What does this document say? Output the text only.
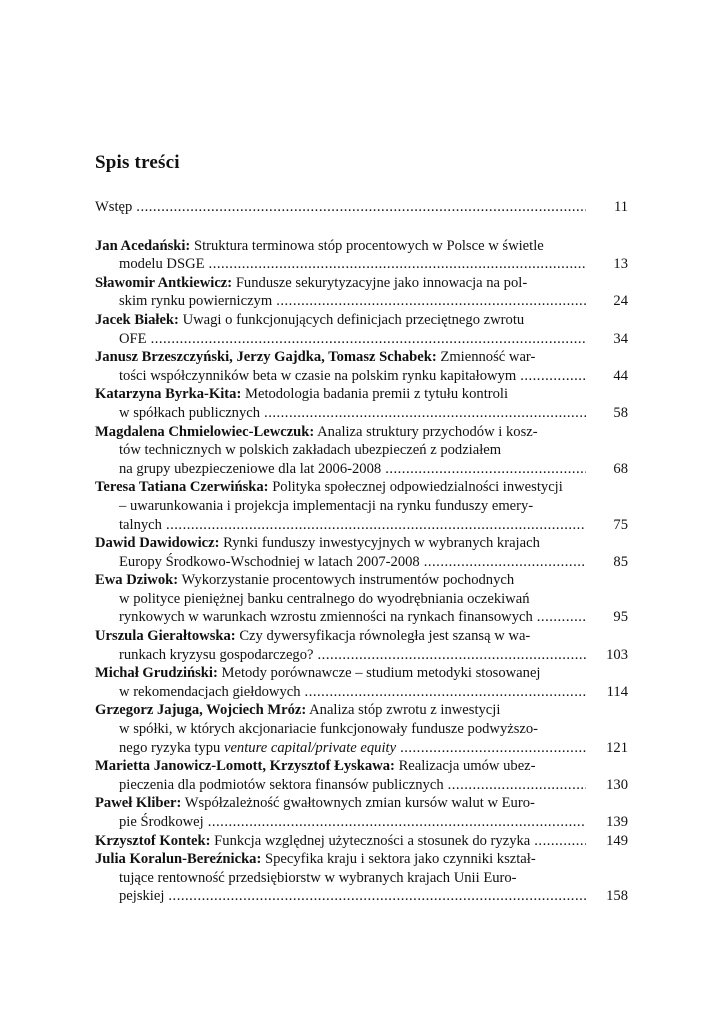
Spis treści
Wstęp .....	11
Jan Acedański: Struktura terminowa stóp procentowych w Polsce w świetle
modelu DSGE .....	13
Sławomir Antkiewicz: Fundusze sekurytyzacyjne jako innowacja na pol-
skim rynku powierniczym .....	24
Jacek Białek: Uwagi o funkcjonujących definicjach przeciętnego zwrotu
OFE .....	34
Janusz Brzeszczyński, Jerzy Gajdka, Tomasz Schabek: Zmienność war-
tości współczynników beta w czasie na polskim rynku kapitałowym .....	44
Katarzyna Byrka-Kita: Metodologia badania premii z tytułu kontroli
w spółkach publicznych .....	58
Magdalena Chmielowiec-Lewczuk: Analiza struktury przychodów i kosz-
tów technicznych w polskich zakładach ubezpieczeń z podziałem
na grupy ubezpieczeniowe dla lat 2006-2008 .....	68
Teresa Tatiana Czerwińska: Polityka społecznej odpowiedzialności inwestycji
– uwarunkowania i projekcja implementacji na rynku funduszy emery-
talnych .....	75
Dawid Dawidowicz: Rynki funduszy inwestycyjnych w wybranych krajach
Europy Środkowo-Wschodniej w latach 2007-2008 .....	85
Ewa Dziwok: Wykorzystanie procentowych instrumentów pochodnych
w polityce pieniężnej banku centralnego do wyodrębniania oczekiwań
rynkowych w warunkach wzrostu zmienności na rynkach finansowych .....	95
Urszula Gierałtowska: Czy dywersyfikacja równoległa jest szansą w wa-
runkach kryzysu gospodarczego? .....	103
Michał Grudziński: Metody porównawcze – studium metodyki stosowanej
w rekomendacjach giełdowych .....	114
Grzegorz Jajuga, Wojciech Mróz: Analiza stóp zwrotu z inwestycji
w spółki, w których akcjonariacie funkcjonowały fundusze podwyższo-
nego ryzyka typu venture capital/private equity .....	121
Marietta Janowicz-Lomott, Krzysztof Łyskawa: Realizacja umów ubez-
pieczenia dla podmiotów sektora finansów publicznych .....	130
Paweł Kliber: Współzależność gwałtownych zmian kursów walut w Euro-
pie Środkowej .....	139
Krzysztof Kontek: Funkcja względnej użyteczności a stosunek do ryzyka .....	149
Julia Koralun-Bereźnicka: Specyfika kraju i sektora jako czynniki kształ-
tujące rentowność przedsiębiorstw w wybranych krajach Unii Euro-
pejskiej .....	158
